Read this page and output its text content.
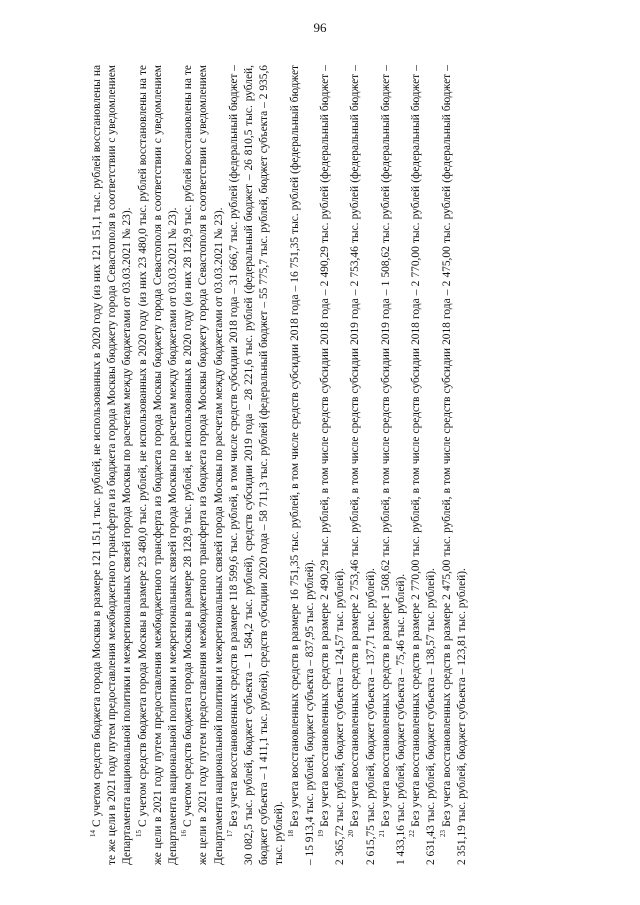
96

$^{14}$ С учетом средств бюджета города Москвы в размере 121 151,1 тыс. рублей, не использованных в 2020 году (из них 121 151,1 тыс. рублей восстановлены на те же цели в 2021 году путем предоставления межбюджетного трансферта из бюджета города Москвы бюджету города Севастополя в соответствии с уведомлением Департамента национальной политики и межрегиональных связей города Москвы по расчетам между бюджетами от 03.03.2021 № 23). $^{15}$ С учетом средств бюджета города Москвы в размере 23 480,0 тыс. рублей, не использованных в 2020 году (из них 23 480,0 тыс. рублей восстановлены на те же цели в 2021 году путем предоставления межбюджетного трансферта из бюджета города Москвы бюджету города Севастополя в соответствии с уведомлением Департамента национальной политики и межрегиональных связей города Москвы по расчетам между бюджетами от 03.03.2021 № 23). $^{16}$ С учетом средств бюджета города Москвы в размере 28 128,9 тыс. рублей, не использованных в 2020 году (из них 28 128,9 тыс. рублей восстановлены на те же цели в 2021 году путем предоставления межбюджетного трансферта из бюджета города Москвы бюджету города Севастополя в соответствии с уведомлением Департамента национальной политики и межрегиональных связей города Москвы по расчетам между бюджетами от 03.03.2021 № 23). $^{17}$ Без учета восстановленных средств в размере 118 599,6 тыс. рублей, в том числе средств субсидии 2018 года – 31 666,7 тыс. рублей (федеральный бюджет – 30 082,5 тыс. рублей, бюджет субъекта – 1 584,2 тыс. рублей), средств субсидии 2019 года – 28 221,6 тыс. рублей (федеральный бюджет – 26 810,5 тыс. рублей, бюджет субъекта – 1 411,1 тыс. рублей), средств субсидии 2020 года – 58 711,3 тыс. рублей (федеральный бюджет – 55 775,7 тыс. рублей, бюджет субъекта – 2 935,6 тыс. рублей). $^{18}$ Без учета восстановленных средств в размере 16 751,35 тыс. рублей, в том числе средств субсидии 2018 года – 16 751,35 тыс. рублей (федеральный бюджет – 15 913,4 тыс. рублей, бюджет субъекта – 837,95 тыс. рублей). $^{19}$ Без учета восстановленных средств в размере 2 490,29 тыс. рублей, в том числе средств субсидии 2018 года – 2 490,29 тыс. рублей (федеральный бюджет – 2 365,72 тыс. рублей, бюджет субъекта – 124,57 тыс. рублей). $^{20}$ Без учета восстановленных средств в размере 2 753,46 тыс. рублей, в том числе средств субсидии 2019 года – 2 753,46 тыс. рублей (федеральный бюджет – 2 615,75 тыс. рублей, бюджет субъекта – 137,71 тыс. рублей). $^{21}$ Без учета восстановленных средств в размере 1 508,62 тыс. рублей, в том числе средств субсидии 2019 года – 1 508,62 тыс. рублей (федеральный бюджет – 1 433,16 тыс. рублей, бюджет субъекта – 75,46 тыс. рублей). $^{22}$ Без учета восстановленных средств в размере 2 770,00 тыс. рублей, в том числе средств субсидии 2018 года – 2 770,00 тыс. рублей (федеральный бюджет – 2 631,43 тыс. рублей, бюджет субъекта – 138,57 тыс. рублей). $^{23}$ Без учета восстановленных средств в размере 2 475,00 тыс. рублей, в том числе средств субсидии 2018 года – 2 475,00 тыс. рублей (федеральный бюджет – 2 351,19 тыс. рублей, бюджет субъекта – 123,81 тыс. рублей).
